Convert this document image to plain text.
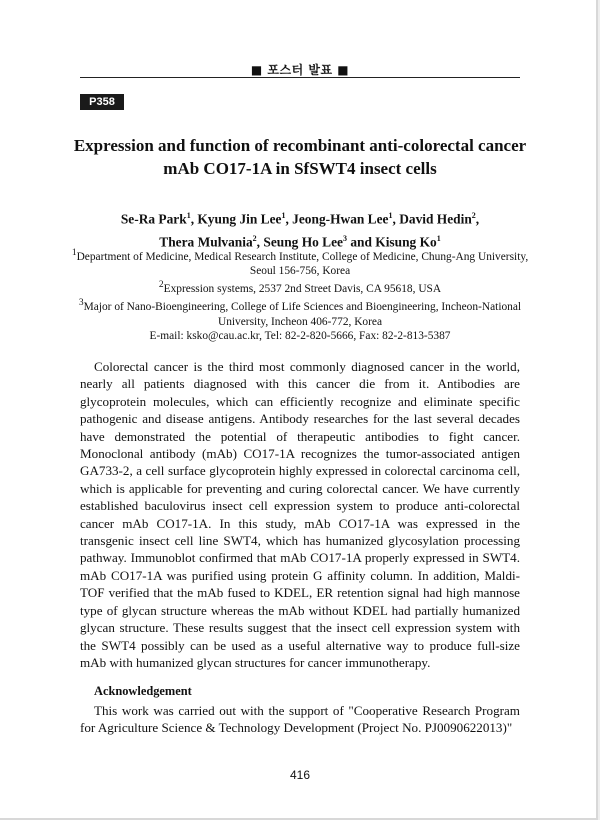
■ 포스터 발표 ■
P358
Expression and function of recombinant anti-colorectal cancer
mAb CO17-1A in SfSWT4 insect cells
Se-Ra Park$^1$, Kyung Jin Lee$^1$, Jeong-Hwan Lee$^1$, David Hedin$^2$,
Thera Mulvania$^2$, Seung Ho Lee$^3$ and Kisung Ko$^1$
$^1$Department of Medicine, Medical Research Institute, College of Medicine, Chung-Ang University, Seoul 156-756, Korea
$^2$Expression systems, 2537 2nd Street Davis, CA 95618, USA
$^3$Major of Nano-Bioengineering, College of Life Sciences and Bioengineering, Incheon-National University, Incheon 406-772, Korea
E-mail: ksko@cau.ac.kr, Tel: 82-2-820-5666, Fax: 82-2-813-5387

Colorectal cancer is the third most commonly diagnosed cancer in the world, nearly all patients diagnosed with this cancer die from it. Antibodies are glycoprotein molecules, which can efficiently recognize and eliminate specific pathogenic and disease antigens. Antibody researches for the last several decades have demonstrated the potential of therapeutic antibodies to fight cancer. Monoclonal antibody (mAb) CO17-1A recognizes the tumor-associated antigen GA733-2, a cell surface glycoprotein highly expressed in colorectal carcinoma cell, which is applicable for preventing and curing colorectal cancer. We have currently established baculovirus insect cell expression system to produce anti-colorectal cancer mAb CO17-1A. In this study, mAb CO17-1A was expressed in the transgenic insect cell line SWT4, which has humanized glycosylation processing pathway. Immunoblot confirmed that mAb CO17-1A properly expressed in SWT4. mAb CO17-1A was purified using protein G affinity column. In addition, Maldi-TOF verified that the mAb fused to KDEL, ER retention signal had high mannose type of glycan structure whereas the mAb without KDEL had partially humanized glycan structure. These results suggest that the insect cell expression system with the SWT4 possibly can be used as a useful alternative way to produce full-size mAb with humanized glycan structures for cancer immunotherapy.

Acknowledgement

This work was carried out with the support of "Cooperative Research Program for Agriculture Science & Technology Development (Project No. PJ0090622013)"

416
